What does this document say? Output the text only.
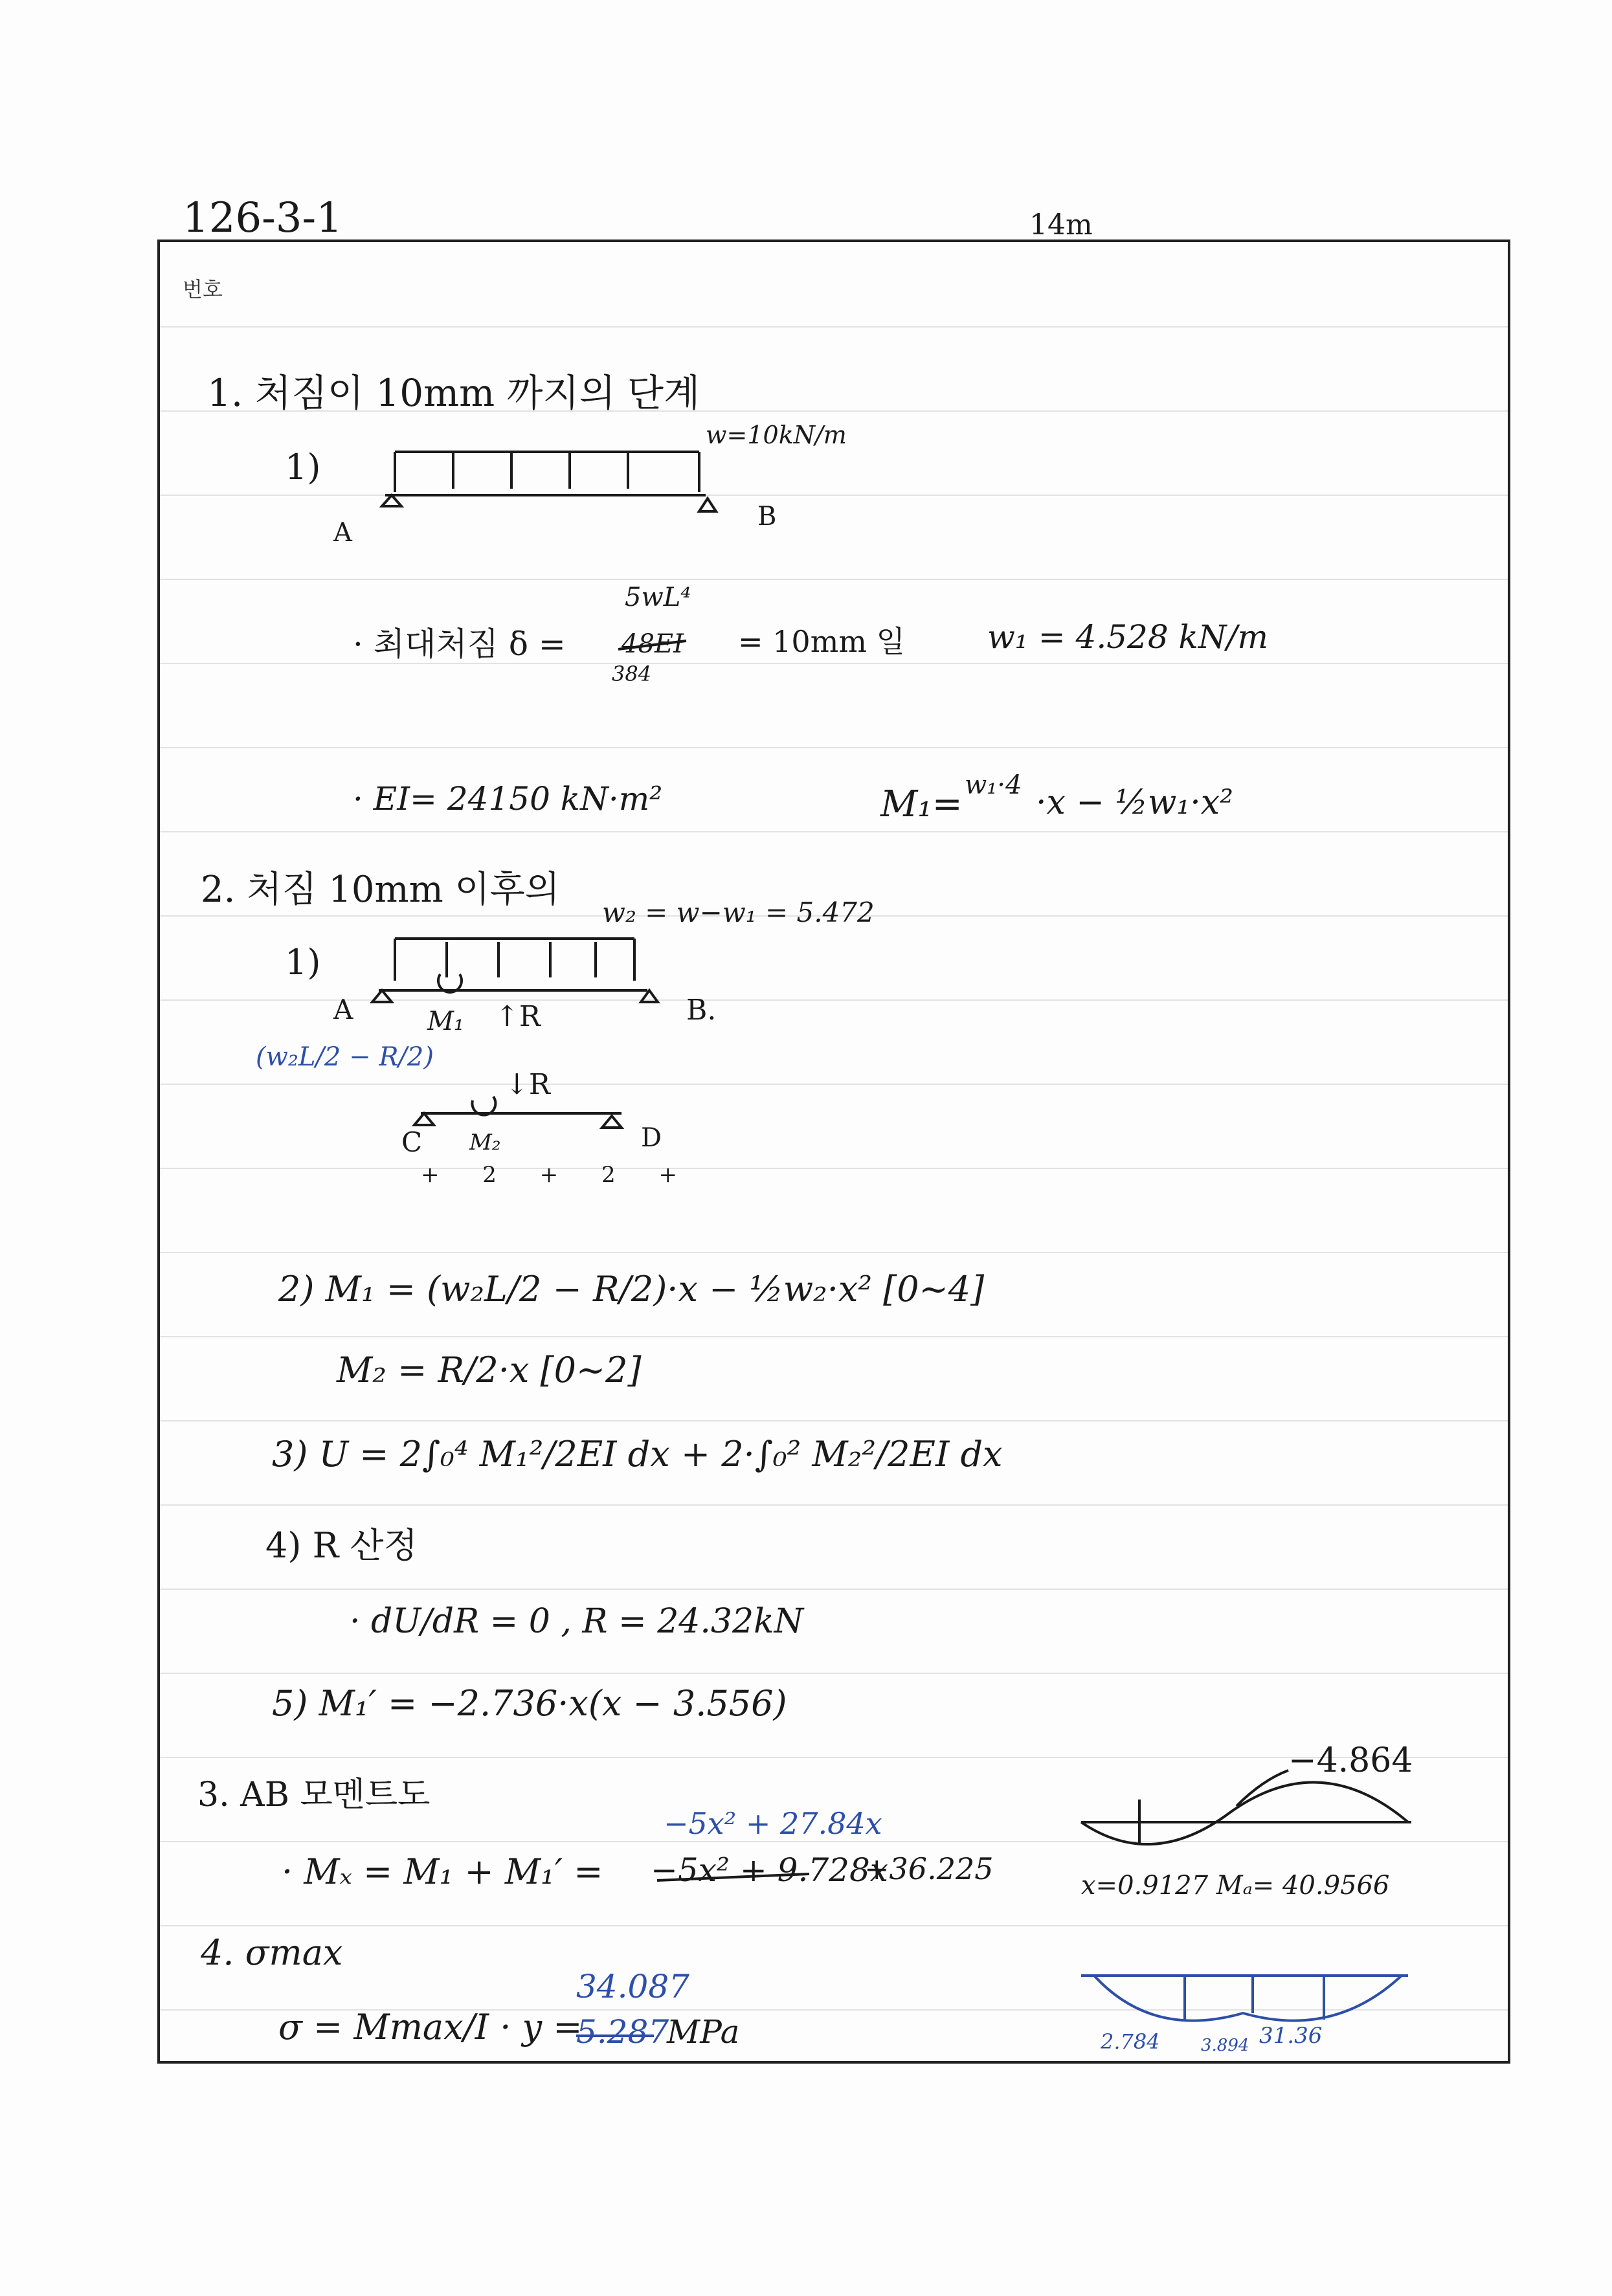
126-3-1	14m
번호
1. 처짐이 10mm 까지의 단계
1)
w=10kN/m
A
B
· 최대처짐 δ =
5wL⁴
48EI
384
= 10mm 일	w₁ = 4.528 kN/m
· EI= 24150 kN·m²	M₁= w₁·4 ·x − ½w₁·x²
2. 처짐 10mm 이후의
w₂ = w−w₁ = 5.472
1)
A	M₁ ↑R	B.
(w₂L/2 − R/2)
↓R
M₂
C	D
+ 2 + 2 +
2) M₁ = (w₂L/2 − R/2)·x − ½w₂·x² [0∼4]
M₂ = R/2·x [0∼2]
3) U = 2∫₀⁴ M₁²/2EI dx + 2·∫₀² M₂²/2EI dx
4) R 산정
· dU/dR = 0 , R = 24.32kN
5) M₁′ = −2.736·x(x − 3.556)
3. AB 모멘트도
−5x² + 27.84x
· Mₓ = M₁ + M₁′ = −5x² + 9.728x
+36.225
−4.864
x=0.9127 Mₐ= 40.9566
4. σmax
34.087
σ = Mmax/I · y =
5.287
MPa	2.784 3.894 31.36
